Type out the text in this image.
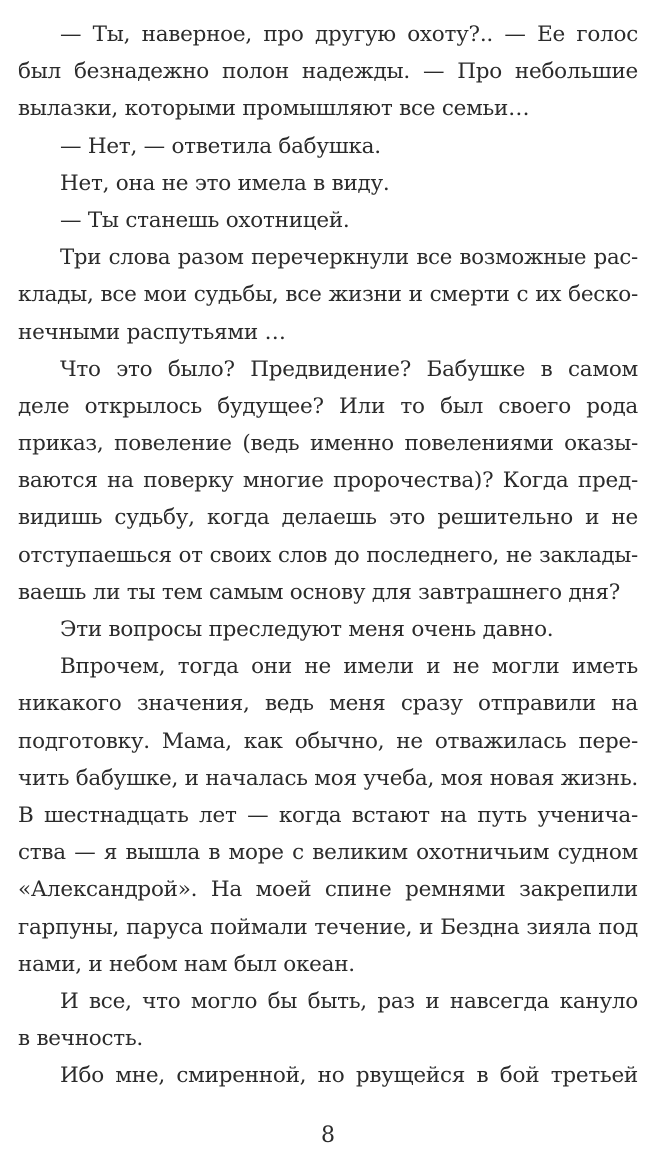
— Ты, наверное, про другую охоту?.. — Ее голос
был безнадежно полон надежды. — Про небольшие
вылазки, которыми промышляют все семьи…
— Нет, — ответила бабушка.
Нет, она не это имела в виду.
— Ты станешь охотницей.
Три слова разом перечеркнули все возможные рас-
клады, все мои судьбы, все жизни и смерти с их беско-
нечными распутьями …
Что это было? Предвидение? Бабушке в самом
деле открылось будущее? Или то был своего рода
приказ, повеление (ведь именно повелениями оказы-
ваются на поверку многие пророчества)? Когда пред-
видишь судьбу, когда делаешь это решительно и не
отступаешься от своих слов до последнего, не заклады-
ваешь ли ты тем самым основу для завтрашнего дня?
Эти вопросы преследуют меня очень давно.
Впрочем, тогда они не имели и не могли иметь
никакого значения, ведь меня сразу отправили на
подготовку. Мама, как обычно, не отважилась пере-
чить бабушке, и началась моя учеба, моя новая жизнь.
В шестнадцать лет — когда встают на путь ученича-
ства — я вышла в море с великим охотничьим судном
«Александрой». На моей спине ремнями закрепили
гарпуны, паруса поймали течение, и Бездна зияла под
нами, и небом нам был океан.
И все, что могло бы быть, раз и навсегда кануло
в вечность.
Ибо мне, смиренной, но рвущейся в бой третьей
8
